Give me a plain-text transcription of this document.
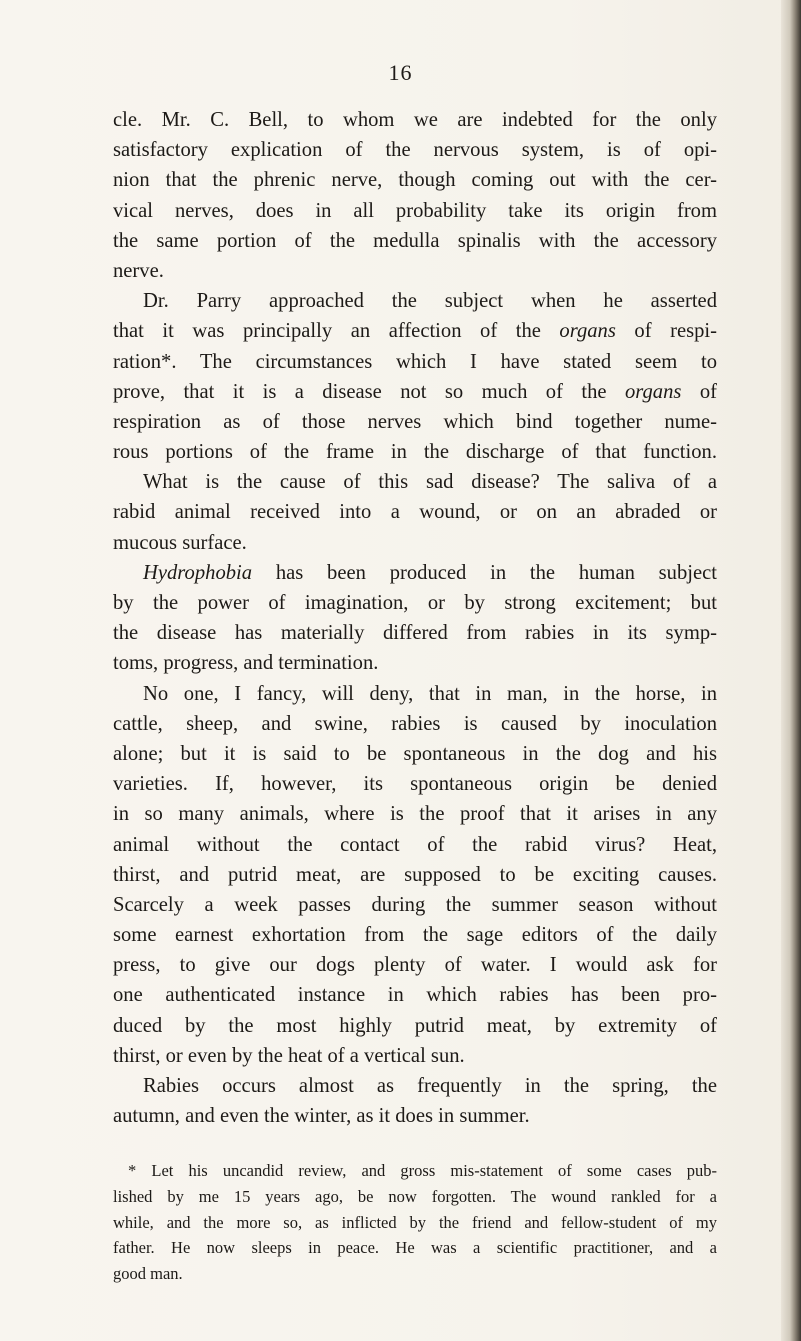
16
cle. Mr. C. Bell, to whom we are indebted for the only
satisfactory explication of the nervous system, is of opi-
nion that the phrenic nerve, though coming out with the cer-
vical nerves, does in all probability take its origin from
the same portion of the medulla spinalis with the accessory
nerve.
Dr. Parry approached the subject when he asserted
that it was principally an affection of the organs of respi-
ration*. The circumstances which I have stated seem to
prove, that it is a disease not so much of the organs of
respiration as of those nerves which bind together nume-
rous portions of the frame in the discharge of that function.
What is the cause of this sad disease? The saliva of a
rabid animal received into a wound, or on an abraded or
mucous surface.
Hydrophobia has been produced in the human subject
by the power of imagination, or by strong excitement; but
the disease has materially differed from rabies in its symp-
toms, progress, and termination.
No one, I fancy, will deny, that in man, in the horse, in
cattle, sheep, and swine, rabies is caused by inoculation
alone; but it is said to be spontaneous in the dog and his
varieties. If, however, its spontaneous origin be denied
in so many animals, where is the proof that it arises in any
animal without the contact of the rabid virus? Heat,
thirst, and putrid meat, are supposed to be exciting causes.
Scarcely a week passes during the summer season without
some earnest exhortation from the sage editors of the daily
press, to give our dogs plenty of water. I would ask for
one authenticated instance in which rabies has been pro-
duced by the most highly putrid meat, by extremity of
thirst, or even by the heat of a vertical sun.
Rabies occurs almost as frequently in the spring, the
autumn, and even the winter, as it does in summer.
* Let his uncandid review, and gross mis-statement of some cases pub-
lished by me 15 years ago, be now forgotten. The wound rankled for a
while, and the more so, as inflicted by the friend and fellow-student of my
father. He now sleeps in peace. He was a scientific practitioner, and a
good man.
